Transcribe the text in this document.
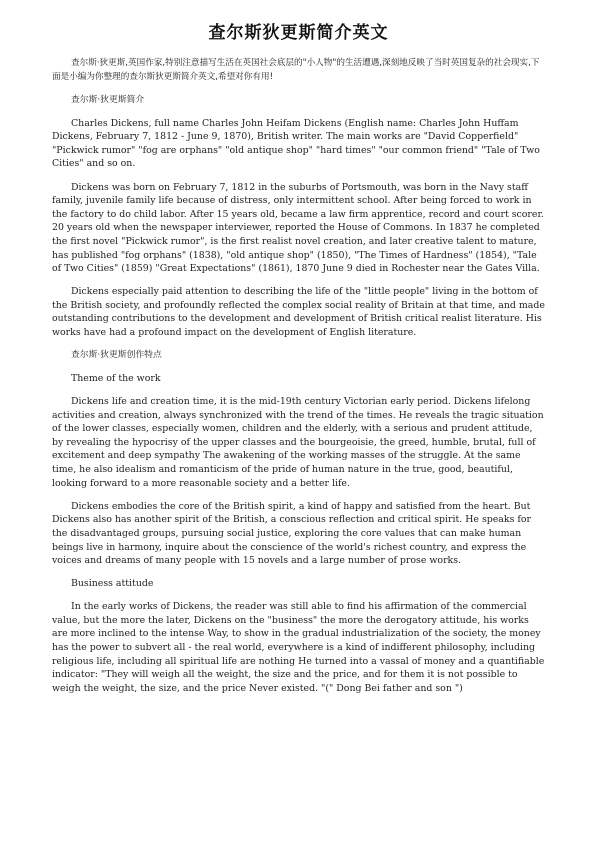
查尔斯狄更斯简介英文

查尔斯·狄更斯,英国作家,特别注意描写生活在英国社会底层的"小人物"的生活遭遇,深刻地反映了当时英国复杂的社会现实,下面是小编为你整理的查尔斯狄更斯简介英文,希望对你有用!

查尔斯·狄更斯简介

Charles Dickens, full name Charles John Heifam Dickens (English name: Charles John Huffam Dickens, February 7, 1812 - June 9, 1870), British writer. The main works are "David Copperfield" "Pickwick rumor" "fog are orphans" "old antique shop" "hard times" "our common friend" "Tale of Two Cities" and so on.

Dickens was born on February 7, 1812 in the suburbs of Portsmouth, was born in the Navy staff family, juvenile family life because of distress, only intermittent school. After being forced to work in the factory to do child labor. After 15 years old, became a law firm apprentice, record and court scorer. 20 years old when the newspaper interviewer, reported the House of Commons. In 1837 he completed the first novel "Pickwick rumor", is the first realist novel creation, and later creative talent to mature, has published "fog orphans" (1838), "old antique shop" (1850), "The Times of Hardness" (1854), "Tale of Two Cities" (1859) "Great Expectations" (1861), 1870 June 9 died in Rochester near the Gates Villa.

Dickens especially paid attention to describing the life of the "little people" living in the bottom of the British society, and profoundly reflected the complex social reality of Britain at that time, and made outstanding contributions to the development and development of British critical realist literature. His works have had a profound impact on the development of English literature.

查尔斯·狄更斯创作特点
Theme of the work

Dickens life and creation time, it is the mid-19th century Victorian early period. Dickens lifelong activities and creation, always synchronized with the trend of the times. He reveals the tragic situation of the lower classes, especially women, children and the elderly, with a serious and prudent attitude, by revealing the hypocrisy of the upper classes and the bourgeoisie, the greed, humble, brutal, full of excitement and deep sympathy The awakening of the working masses of the struggle. At the same time, he also idealism and romanticism of the pride of human nature in the true, good, beautiful, looking forward to a more reasonable society and a better life.

Dickens embodies the core of the British spirit, a kind of happy and satisfied from the heart. But Dickens also has another spirit of the British, a conscious reflection and critical spirit. He speaks for the disadvantaged groups, pursuing social justice, exploring the core values that can make human beings live in harmony, inquire about the conscience of the world's richest country, and express the voices and dreams of many people with 15 novels and a large number of prose works.

Business attitude

In the early works of Dickens, the reader was still able to find his affirmation of the commercial value, but the more the later, Dickens on the "business" the more the derogatory attitude, his works are more inclined to the intense Way, to show in the gradual industrialization of the society, the money has the power to subvert all - the real world, everywhere is a kind of indifferent philosophy, including religious life, including all spiritual life are nothing He turned into a vassal of money and a quantifiable indicator: "They will weigh all the weight, the size and the price, and for them it is not possible to weigh the weight, the size, and the price Never existed. "(" Dong Bei father and son ")
